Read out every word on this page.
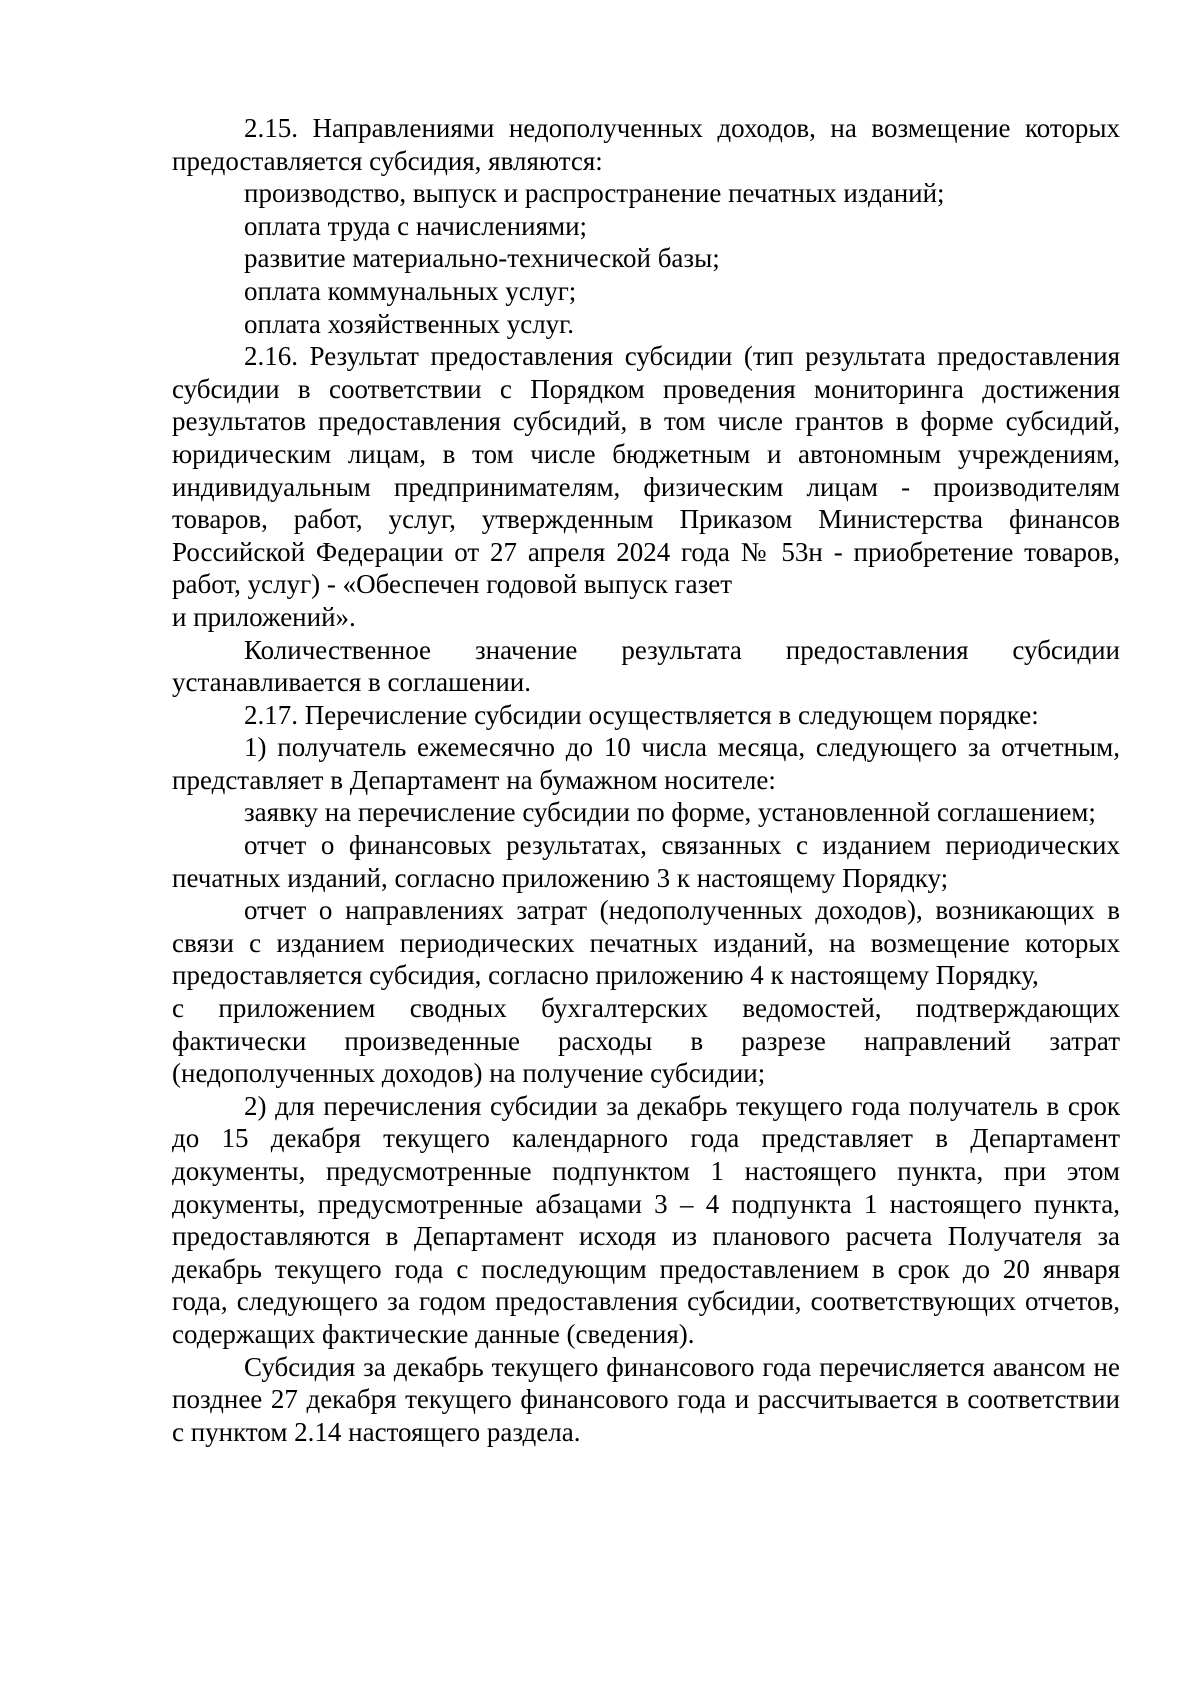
2.15. Направлениями недополученных доходов, на возмещение которых предоставляется субсидия, являются:

производство, выпуск и распространение печатных изданий;

оплата труда с начислениями;

развитие материально-технической базы;

оплата коммунальных услуг;

оплата хозяйственных услуг.

2.16. Результат предоставления субсидии (тип результата предоставления субсидии в соответствии с Порядком проведения мониторинга достижения результатов предоставления субсидий, в том числе грантов в форме субсидий, юридическим лицам, в том числе бюджетным и автономным учреждениям, индивидуальным предпринимателям, физическим лицам - производителям товаров, работ, услуг, утвержденным Приказом Министерства финансов Российской Федерации от 27 апреля 2024 года № 53н - приобретение товаров, работ, услуг) - «Обеспечен годовой выпуск газет

и приложений».

Количественное значение результата предоставления субсидии устанавливается в соглашении.

2.17. Перечисление субсидии осуществляется в следующем порядке:

1) получатель ежемесячно до 10 числа месяца, следующего за отчетным, представляет в Департамент на бумажном носителе:

заявку на перечисление субсидии по форме, установленной соглашением;

отчет о финансовых результатах, связанных с изданием периодических печатных изданий, согласно приложению 3 к настоящему Порядку;

отчет о направлениях затрат (недополученных доходов), возникающих в связи с изданием периодических печатных изданий, на возмещение которых предоставляется субсидия, согласно приложению 4 к настоящему Порядку,

с приложением сводных бухгалтерских ведомостей, подтверждающих фактически произведенные расходы в разрезе направлений затрат (недополученных доходов) на получение субсидии;

2) для перечисления субсидии за декабрь текущего года получатель в срок до 15 декабря текущего календарного года представляет в Департамент документы, предусмотренные подпунктом 1 настоящего пункта, при этом документы, предусмотренные абзацами 3 – 4 подпункта 1 настоящего пункта, предоставляются в Департамент исходя из планового расчета Получателя за декабрь текущего года с последующим предоставлением в срок до 20 января года, следующего за годом предоставления субсидии, соответствующих отчетов, содержащих фактические данные (сведения).

Субсидия за декабрь текущего финансового года перечисляется авансом не позднее 27 декабря текущего финансового года и рассчитывается в соответствии с пунктом 2.14 настоящего раздела.
